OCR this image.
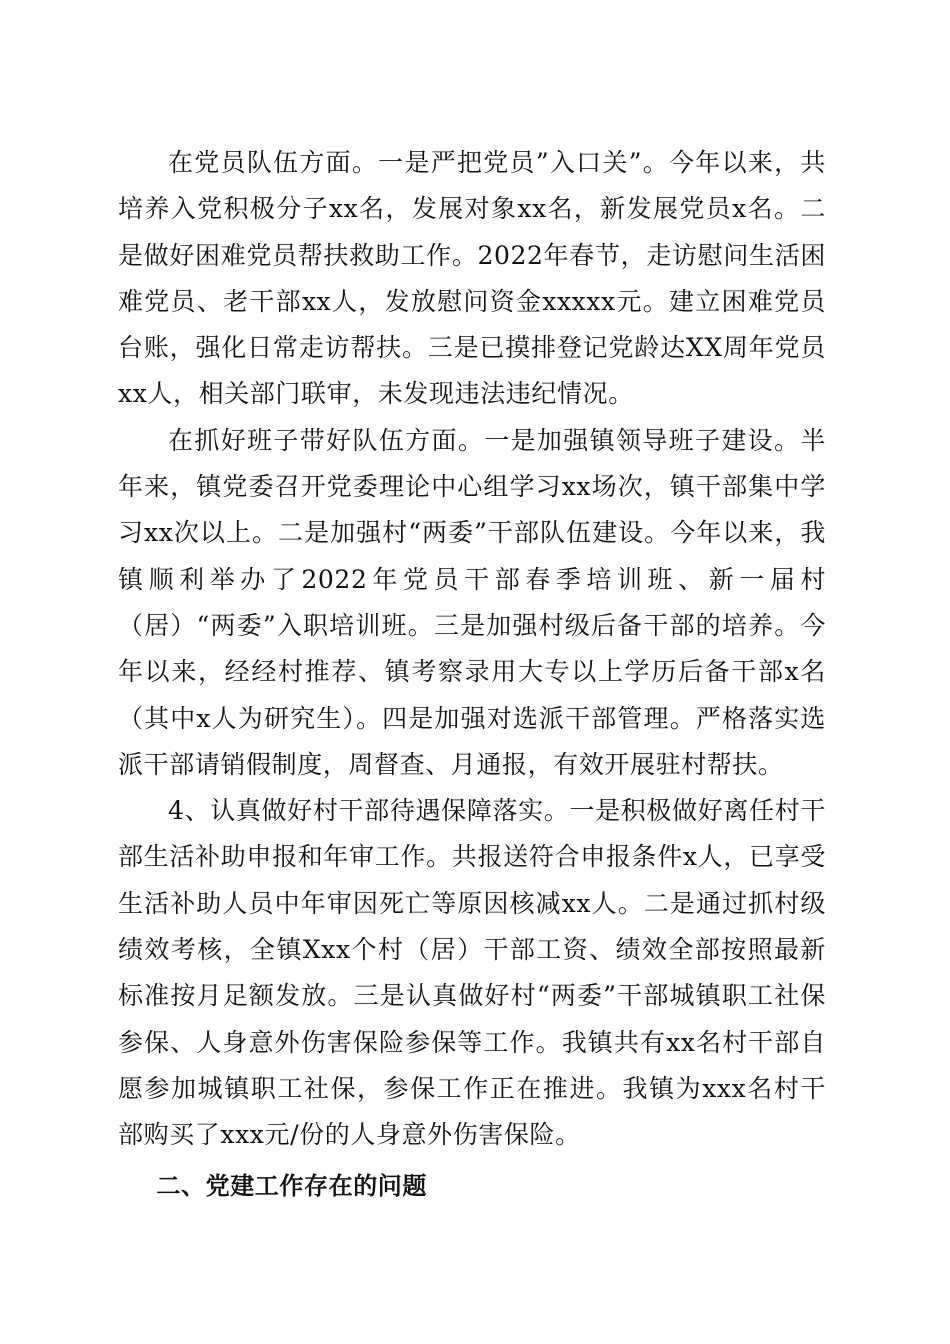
在党员队伍方面。一是严把党员”入口关”。今年以来，共培养入党积极分子xx名，发展对象xx名，新发展党员x名。二是做好困难党员帮扶救助工作。2022年春节，走访慰问生活困难党员、老干部xx人，发放慰问资金xxxxx元。建立困难党员台账，强化日常走访帮扶。三是已摸排登记党龄达XX周年党员xx人，相关部门联审，未发现违法违纪情况。

在抓好班子带好队伍方面。一是加强镇领导班子建设。半年来，镇党委召开党委理论中心组学习xx场次，镇干部集中学习xx次以上。二是加强村“两委”干部队伍建设。今年以来，我镇顺利举办了2022年党员干部春季培训班、新一届村（居）“两委”入职培训班。三是加强村级后备干部的培养。今年以来，经经村推荐、镇考察录用大专以上学历后备干部x名（其中x人为研究生）。四是加强对选派干部管理。严格落实选派干部请销假制度，周督查、月通报，有效开展驻村帮扶。

4、认真做好村干部待遇保障落实。一是积极做好离任村干部生活补助申报和年审工作。共报送符合申报条件x人，已享受生活补助人员中年审因死亡等原因核减xx人。二是通过抓村级绩效考核，全镇Xxx个村（居）干部工资、绩效全部按照最新标准按月足额发放。三是认真做好村“两委”干部城镇职工社保参保、人身意外伤害保险参保等工作。我镇共有xx名村干部自愿参加城镇职工社保，参保工作正在推进。我镇为xxx名村干部购买了xxx元/份的人身意外伤害保险。

二、党建工作存在的问题
